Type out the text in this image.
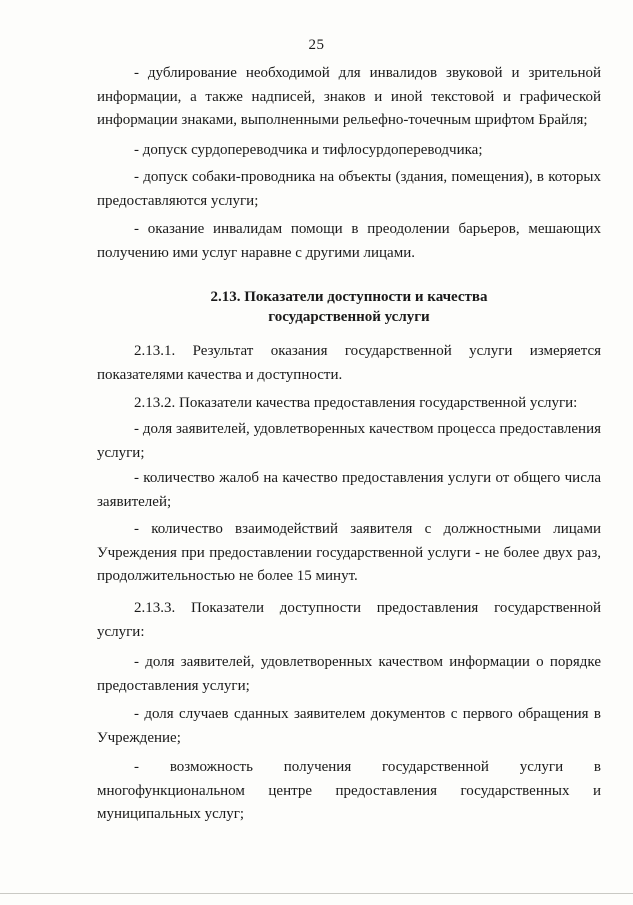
25

- дублирование необходимой для инвалидов звуковой и зрительной информации, а также надписей, знаков и иной текстовой и графической информации знаками, выполненными рельефно-точечным шрифтом Брайля;

- допуск сурдопереводчика и тифлосурдопереводчика;

- допуск собаки-проводника на объекты (здания, помещения), в которых предоставляются услуги;

- оказание инвалидам помощи в преодолении барьеров, мешающих получению ими услуг наравне с другими лицами.

2.13. Показатели доступности и качества
государственной услуги

2.13.1. Результат оказания государственной услуги измеряется показателями качества и доступности.

2.13.2. Показатели качества предоставления государственной услуги:

- доля заявителей, удовлетворенных качеством процесса предоставления услуги;

- количество жалоб на качество предоставления услуги от общего числа заявителей;

- количество взаимодействий заявителя с должностными лицами Учреждения при предоставлении государственной услуги - не более двух раз, продолжительностью не более 15 минут.

2.13.3. Показатели доступности предоставления государственной услуги:

- доля заявителей, удовлетворенных качеством информации о порядке предоставления услуги;

- доля случаев сданных заявителем документов с первого обращения в Учреждение;

- возможность получения государственной услуги в многофункциональном центре предоставления государственных и муниципальных услуг;
